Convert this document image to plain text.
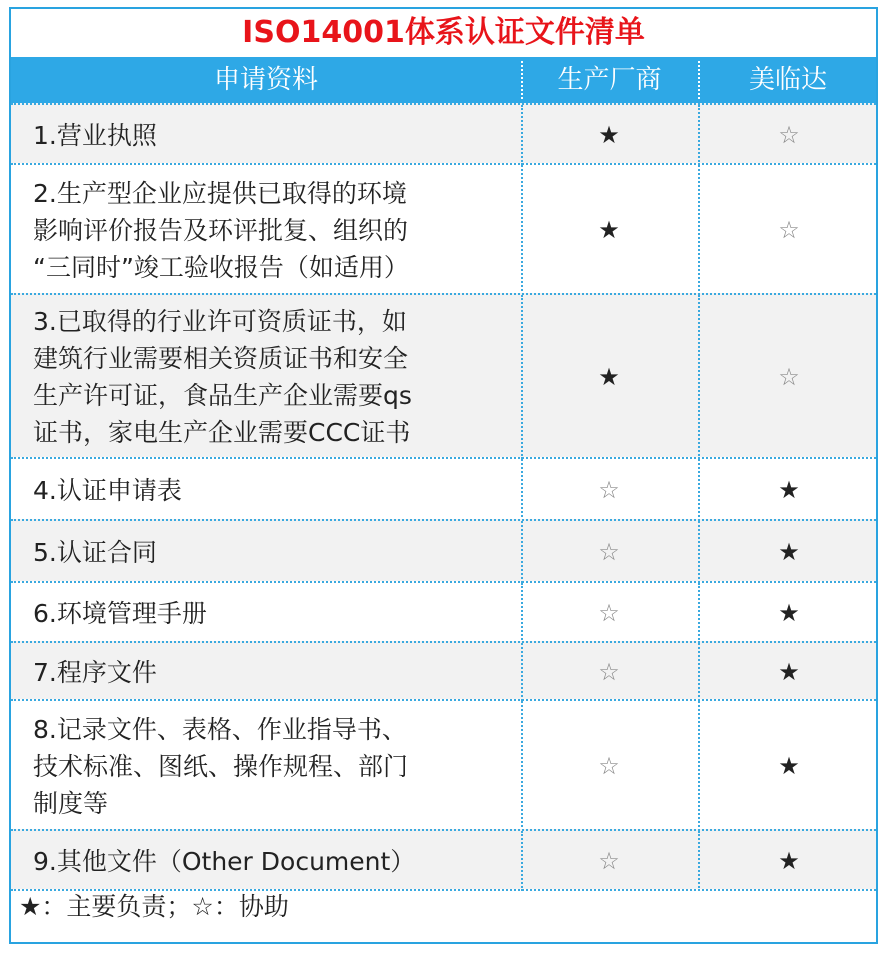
ISO14001体系认证文件清单
申请资料	生产厂商	美临达
1.营业执照	★	☆
2.生产型企业应提供已取得的环境
影响评价报告及环评批复、组织的
“三同时”竣工验收报告（如适用）
★	☆
3.已取得的行业许可资质证书，如
建筑行业需要相关资质证书和安全
生产许可证，食品生产企业需要qs
证书，家电生产企业需要CCC证书
★	☆
4.认证申请表	☆	★
5.认证合同	☆	★
6.环境管理手册	☆	★
7.程序文件	☆	★
8.记录文件、表格、作业指导书、
技术标准、图纸、操作规程、部门
制度等
☆	★
9.其他文件（Other Document）	☆	★
★：主要负责；☆：协助
